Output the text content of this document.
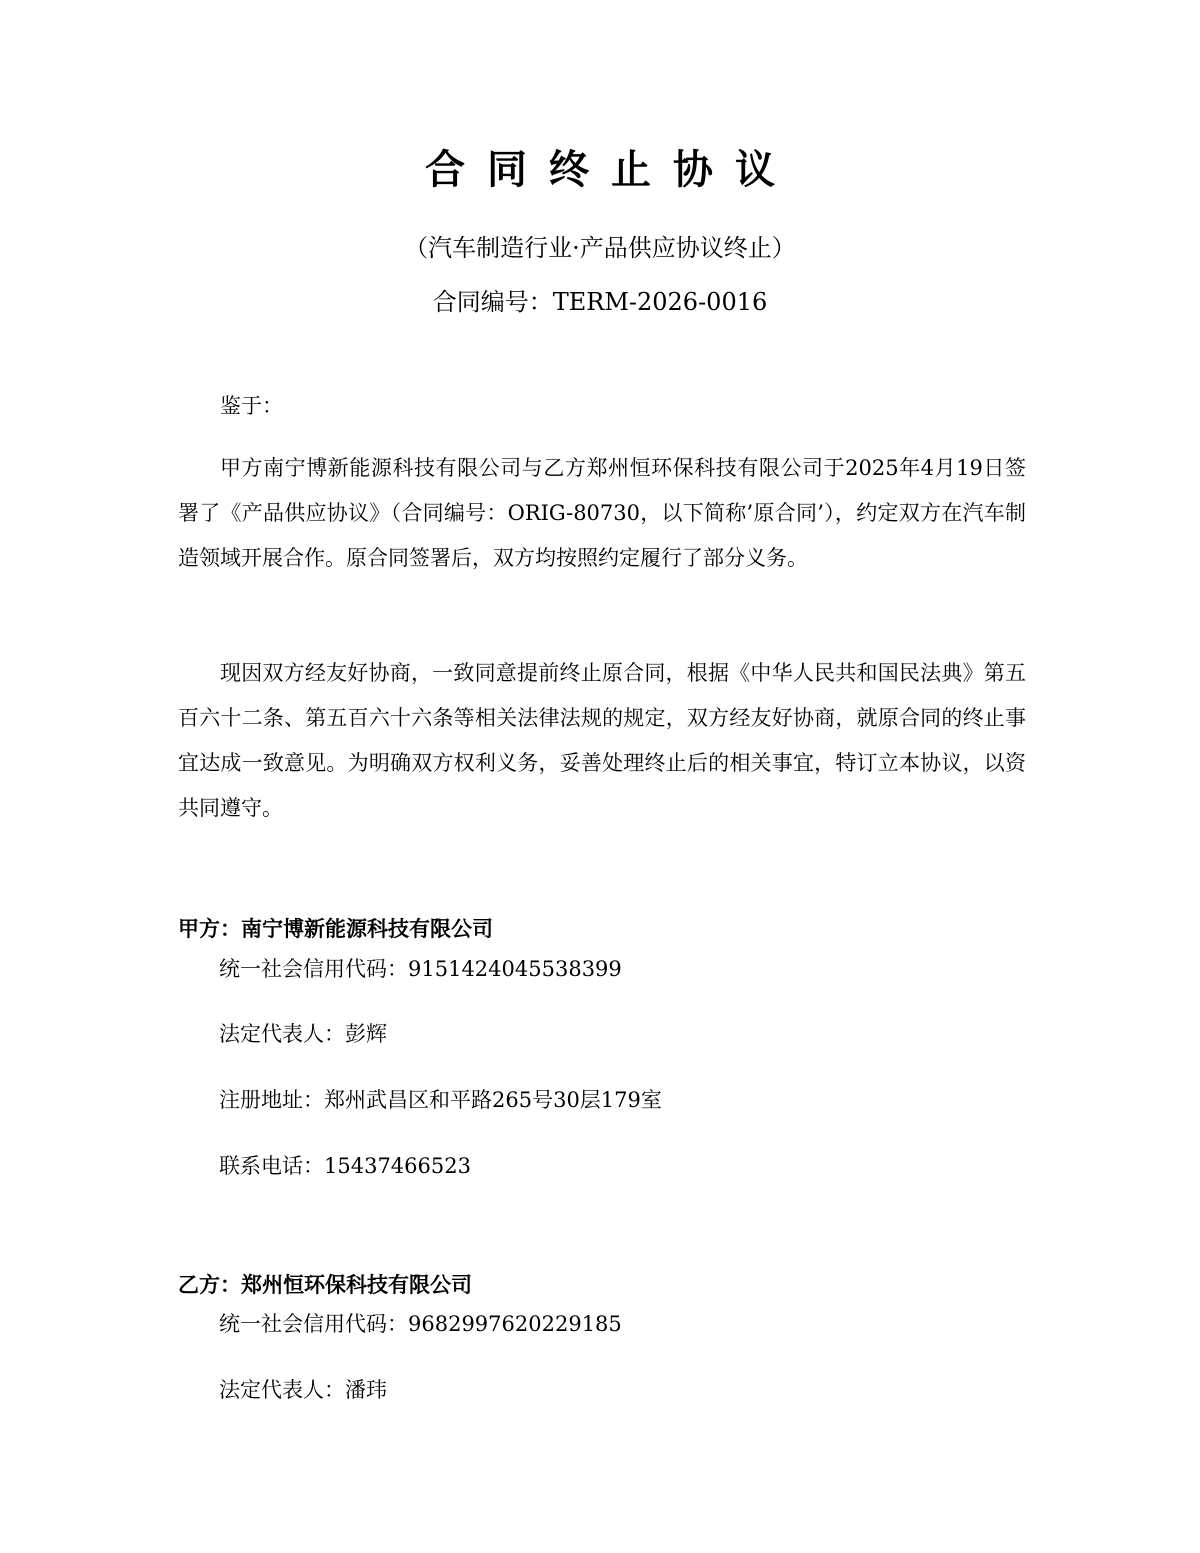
合同终止协议
（汽车制造行业·产品供应协议终止）
合同编号：TERM-2026-0016
鉴于：
甲方南宁博新能源科技有限公司与乙方郑州恒环保科技有限公司于2025年4月19日签署了《产品供应协议》（合同编号：ORIG-80730，以下简称’原合同’），约定双方在汽车制造领域开展合作。原合同签署后，双方均按照约定履行了部分义务。
现因双方经友好协商，一致同意提前终止原合同，根据《中华人民共和国民法典》第五百六十二条、第五百六十六条等相关法律法规的规定，双方经友好协商，就原合同的终止事宜达成一致意见。为明确双方权利义务，妥善处理终止后的相关事宜，特订立本协议，以资共同遵守。
甲方：南宁博新能源科技有限公司
统一社会信用代码：9151424045538399
法定代表人：彭辉
注册地址：郑州武昌区和平路265号30层179室
联系电话：15437466523
乙方：郑州恒环保科技有限公司
统一社会信用代码：9682997620229185
法定代表人：潘玮
